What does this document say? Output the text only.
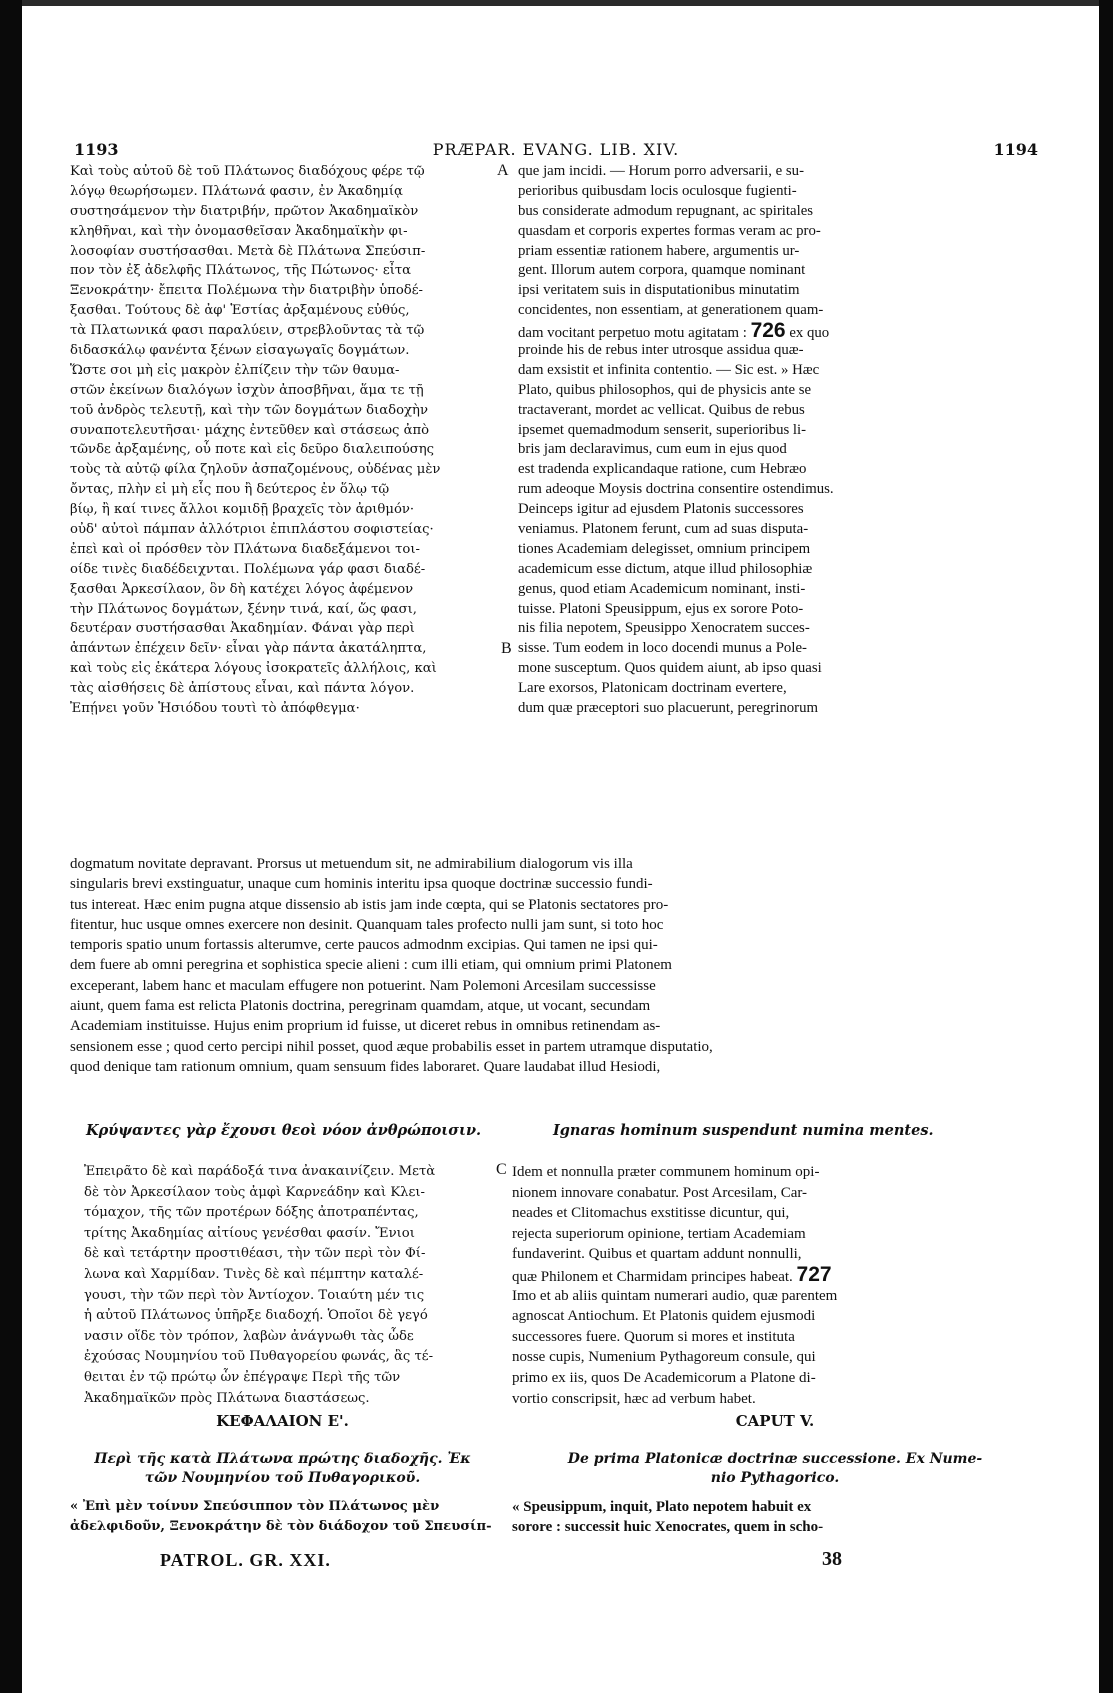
1193	PRÆPAR. EVANG. LIB. XIV.	1194
Καὶ τοὺς αὐτοῦ δὲ τοῦ Πλάτωνος διαδόχους φέρε τῷ
λόγῳ θεωρήσωμεν. Πλάτωνά φασιν, ἐν Ἀκαδημίᾳ
συστησάμενον τὴν διατριβήν, πρῶτον Ἀκαδημαϊκὸν
κληθῆναι, καὶ τὴν ὀνομασθεῖσαν Ἀκαδημαϊκὴν φι-
λοσοφίαν συστήσασθαι. Μετὰ δὲ Πλάτωνα Σπεύσιπ-
πον τὸν ἐξ ἀδελφῆς Πλάτωνος, τῆς Πώτωνος· εἶτα
Ξενοκράτην· ἔπειτα Πολέμωνα τὴν διατριβὴν ὑποδέ-
ξασθαι. Τούτους δὲ ἀφ' Ἑστίας ἀρξαμένους εὐθύς,
τὰ Πλατωνικά φασι παραλύειν, στρεβλοῦντας τὰ τῷ
διδασκάλῳ φανέντα ξένων εἰσαγωγαῖς δογμάτων.
Ὥστε σοι μὴ εἰς μακρὸν ἐλπίζειν τὴν τῶν θαυμα-
στῶν ἐκείνων διαλόγων ἰσχὺν ἀποσβῆναι, ἅμα τε τῇ
τοῦ ἀνδρὸς τελευτῇ, καὶ τὴν τῶν δογμάτων διαδοχὴν
συναποτελευτῆσαι· μάχης ἐντεῦθεν καὶ στάσεως ἀπὸ
τῶνδε ἀρξαμένης, οὗ ποτε καὶ εἰς δεῦρο διαλειπούσης
τοὺς τὰ αὐτῷ φίλα ζηλοῦν ἀσπαζομένους, οὐδένας μὲν
ὄντας, πλὴν εἰ μὴ εἷς που ἢ δεύτερος ἐν ὅλῳ τῷ
βίῳ, ἢ καί τινες ἄλλοι κομιδῇ βραχεῖς τὸν ἀριθμόν·
οὐδ' αὐτοὶ πάμπαν ἀλλότριοι ἐπιπλάστου σοφιστείας·
ἐπεὶ καὶ οἱ πρόσθεν τὸν Πλάτωνα διαδεξάμενοι τοι-
οίδε τινὲς διαδέδειχνται. Πολέμωνα γάρ φασι διαδέ-
ξασθαι Ἀρκεσίλαον, ὃν δὴ κατέχει λόγος ἀφέμενον
τὴν Πλάτωνος δογμάτων, ξένην τινά, καί, ὥς φασι,
δευτέραν συστήσασθαι Ἀκαδημίαν. Φάναι γὰρ περὶ
ἁπάντων ἐπέχειν δεῖν· εἶναι γὰρ πάντα ἀκατάληπτα,
καὶ τοὺς εἰς ἑκάτερα λόγους ἰσοκρατεῖς ἀλλήλοις, καὶ
τὰς αἰσθήσεις δὲ ἀπίστους εἶναι, καὶ πάντα λόγον.
Ἐπῄνει γοῦν Ἡσιόδου τουτὶ τὸ ἀπόφθεγμα·
que jam incidi. — Horum porro adversarii, e su-
perioribus quibusdam locis oculosque fugienti-
bus considerate admodum repugnant, ac spiritales
quasdam et corporis expertes formas veram ac pro-
priam essentiæ rationem habere, argumentis ur-
gent. Illorum autem corpora, quamque nominant
ipsi veritatem suis in disputationibus minutatim
concidentes, non essentiam, at generationem quam-
dam vocitant perpetuo motu agitatam : 726 ex quo
proinde his de rebus inter utrosque assidua quæ-
dam exsistit et infinita contentio. — Sic est. » Hæc
Plato, quibus philosophos, qui de physicis ante se
tractaverant, mordet ac vellicat. Quibus de rebus
ipsemet quemadmodum senserit, superioribus li-
bris jam declaravimus, cum eum in ejus quod
est tradenda explicandaque ratione, cum Hebræo
rum adeoque Moysis doctrina consentire ostendimus.
Deinceps igitur ad ejusdem Platonis successores
veniamus. Platonem ferunt, cum ad suas disputa-
tiones Academiam delegisset, omnium principem
academicum esse dictum, atque illud philosophiæ
genus, quod etiam Academicum nominant, insti-
tuisse. Platoni Speusippum, ejus ex sorore Poto-
nis filia nepotem, Speusippo Xenocratem succes-
sisse. Tum eodem in loco docendi munus a Pole-
mone susceptum. Quos quidem aiunt, ab ipso quasi
Lare exorsos, Platonicam doctrinam evertere,
dum quæ præceptori suo placuerunt, peregrinorum
A
B
dogmatum novitate depravant. Prorsus ut metuendum sit, ne admirabilium dialogorum vis illa
singularis brevi exstinguatur, unaque cum hominis interitu ipsa quoque doctrinæ successio fundi-
tus intereat. Hæc enim pugna atque dissensio ab istis jam inde cœpta, qui se Platonis sectatores pro-
fitentur, huc usque omnes exercere non desinit. Quanquam tales profecto nulli jam sunt, si toto hoc
temporis spatio unum fortassis alterumve, certe paucos admodnm excipias. Qui tamen ne ipsi qui-
dem fuere ab omni peregrina et sophistica specie alieni : cum illi etiam, qui omnium primi Platonem
exceperant, labem hanc et maculam effugere non potuerint. Nam Polemoni Arcesilam successisse
aiunt, quem fama est relicta Platonis doctrina, peregrinam quamdam, atque, ut vocant, secundam
Academiam instituisse. Hujus enim proprium id fuisse, ut diceret rebus in omnibus retinendam as-
sensionem esse ; quod certo percipi nihil posset, quod æque probabilis esset in partem utramque disputatio,
quod denique tam rationum omnium, quam sensuum fides laboraret. Quare laudabat illud Hesiodi,
Κρύψαντες γὰρ ἔχουσι θεοὶ νόον ἀνθρώποισιν.	Ignaras hominum suspendunt numina mentes.
Ἐπειρᾶτο δὲ καὶ παράδοξά τινα ἀνακαινίζειν. Μετὰ
δὲ τὸν Ἀρκεσίλαον τοὺς ἀμφὶ Καρνεάδην καὶ Κλει-
τόμαχον, τῆς τῶν προτέρων δόξης ἀποτραπέντας,
τρίτης Ἀκαδημίας αἰτίους γενέσθαι φασίν. Ἔνιοι
δὲ καὶ τετάρτην προστιθέασι, τὴν τῶν περὶ τὸν Φί-
λωνα καὶ Χαρμίδαν. Τινὲς δὲ καὶ πέμπτην καταλέ-
γουσι, τὴν τῶν περὶ τὸν Ἀντίοχον. Τοιαύτη μέν τις
ἡ αὐτοῦ Πλάτωνος ὑπῆρξε διαδοχή. Ὁποῖοι δὲ γεγό
νασιν οἵδε τὸν τρόπον, λαβὼν ἀνάγνωθι τὰς ὧδε
ἐχούσας Νουμηνίου τοῦ Πυθαγορείου φωνάς, ἃς τέ-
θειται ἐν τῷ πρώτῳ ὧν ἐπέγραψε Περὶ τῆς τῶν
Ἀκαδημαϊκῶν πρὸς Πλάτωνα διαστάσεως.
Idem et nonnulla præter communem hominum opi-
nionem innovare conabatur. Post Arcesilam, Car-
neades et Clitomachus exstitisse dicuntur, qui,
rejecta superiorum opinione, tertiam Academiam
fundaverint. Quibus et quartam addunt nonnulli,
quæ Philonem et Charmidam principes habeat. 727
Imo et ab aliis quintam numerari audio, quæ parentem
agnoscat Antiochum. Et Platonis quidem ejusmodi
successores fuere. Quorum si mores et instituta
nosse cupis, Numenium Pythagoreum consule, qui
primo ex iis, quos De Academicorum a Platone di-
vortio conscripsit, hæc ad verbum habet.
C
ΚΕΦΑΛΑΙΟΝ Ε'.	CAPUT V.
Περὶ τῆς κατὰ Πλάτωνα πρώτης διαδοχῆς. Ἐκ
τῶν Νουμηνίου τοῦ Πυθαγορικοῦ.
De prima Platonicæ doctrinæ successione. Ex Nume-
nio Pythagorico.
« Ἐπὶ μὲν τοίνυν Σπεύσιππον τὸν Πλάτωνος μὲν
ἀδελφιδοῦν, Ξενοκράτην δὲ τὸν διάδοχον τοῦ Σπευσίπ-
« Speusippum, inquit, Plato nepotem habuit ex
sorore : successit huic Xenocrates, quem in scho-
PATROL. GR. XXI.	38
